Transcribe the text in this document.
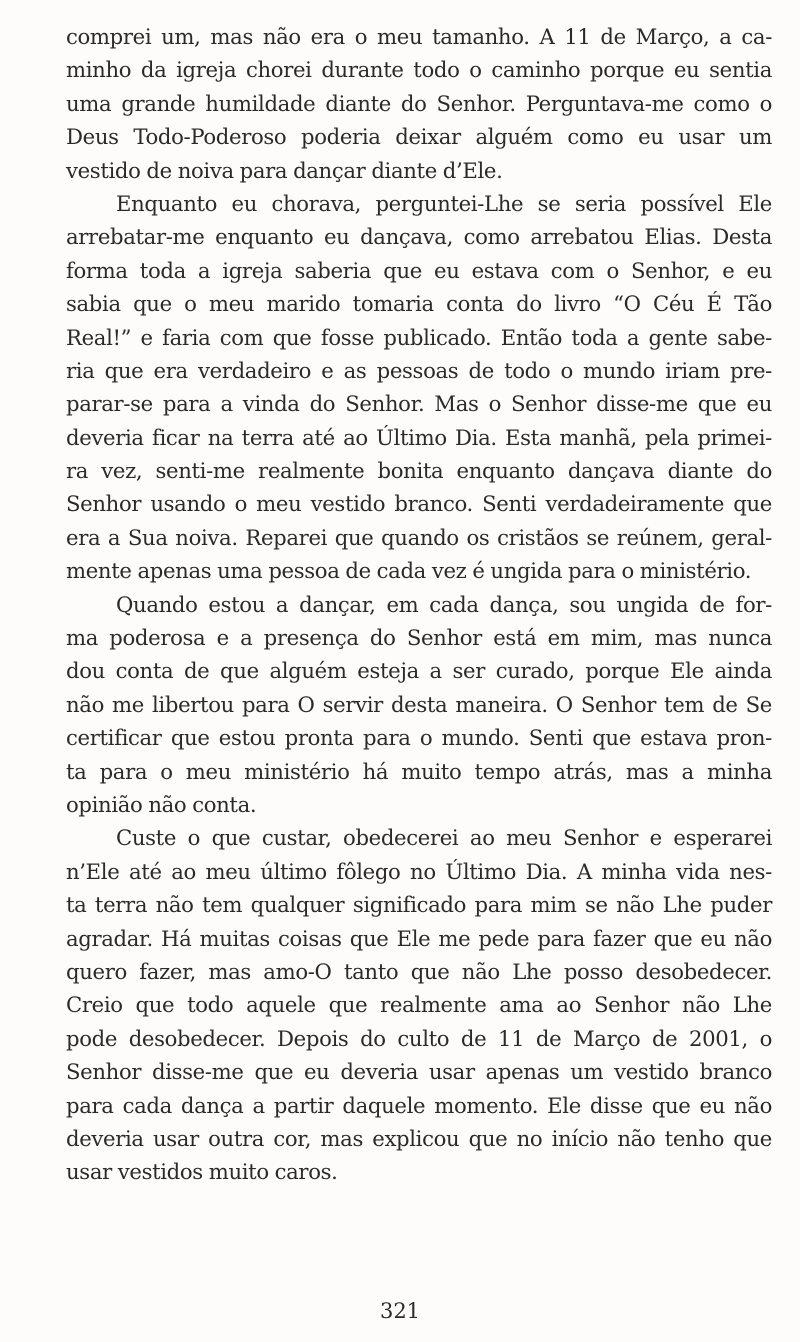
comprei um, mas não era o meu tamanho. A 11 de Março, a ca-
minho da igreja chorei durante todo o caminho porque eu sentia
uma grande humildade diante do Senhor. Perguntava-me como o
Deus Todo-Poderoso poderia deixar alguém como eu usar um
vestido de noiva para dançar diante d’Ele.
Enquanto eu chorava, perguntei-Lhe se seria possível Ele
arrebatar-me enquanto eu dançava, como arrebatou Elias. Desta
forma toda a igreja saberia que eu estava com o Senhor, e eu
sabia que o meu marido tomaria conta do livro “O Céu É Tão
Real!” e faria com que fosse publicado. Então toda a gente sabe-
ria que era verdadeiro e as pessoas de todo o mundo iriam pre-
parar-se para a vinda do Senhor. Mas o Senhor disse-me que eu
deveria ficar na terra até ao Último Dia. Esta manhã, pela primei-
ra vez, senti-me realmente bonita enquanto dançava diante do
Senhor usando o meu vestido branco. Senti verdadeiramente que
era a Sua noiva. Reparei que quando os cristãos se reúnem, geral-
mente apenas uma pessoa de cada vez é ungida para o ministério.
Quando estou a dançar, em cada dança, sou ungida de for-
ma poderosa e a presença do Senhor está em mim, mas nunca
dou conta de que alguém esteja a ser curado, porque Ele ainda
não me libertou para O servir desta maneira. O Senhor tem de Se
certificar que estou pronta para o mundo. Senti que estava pron-
ta para o meu ministério há muito tempo atrás, mas a minha
opinião não conta.
Custe o que custar, obedecerei ao meu Senhor e esperarei
n’Ele até ao meu último fôlego no Último Dia. A minha vida nes-
ta terra não tem qualquer significado para mim se não Lhe puder
agradar. Há muitas coisas que Ele me pede para fazer que eu não
quero fazer, mas amo-O tanto que não Lhe posso desobedecer.
Creio que todo aquele que realmente ama ao Senhor não Lhe
pode desobedecer. Depois do culto de 11 de Março de 2001, o
Senhor disse-me que eu deveria usar apenas um vestido branco
para cada dança a partir daquele momento. Ele disse que eu não
deveria usar outra cor, mas explicou que no início não tenho que
usar vestidos muito caros.
321
